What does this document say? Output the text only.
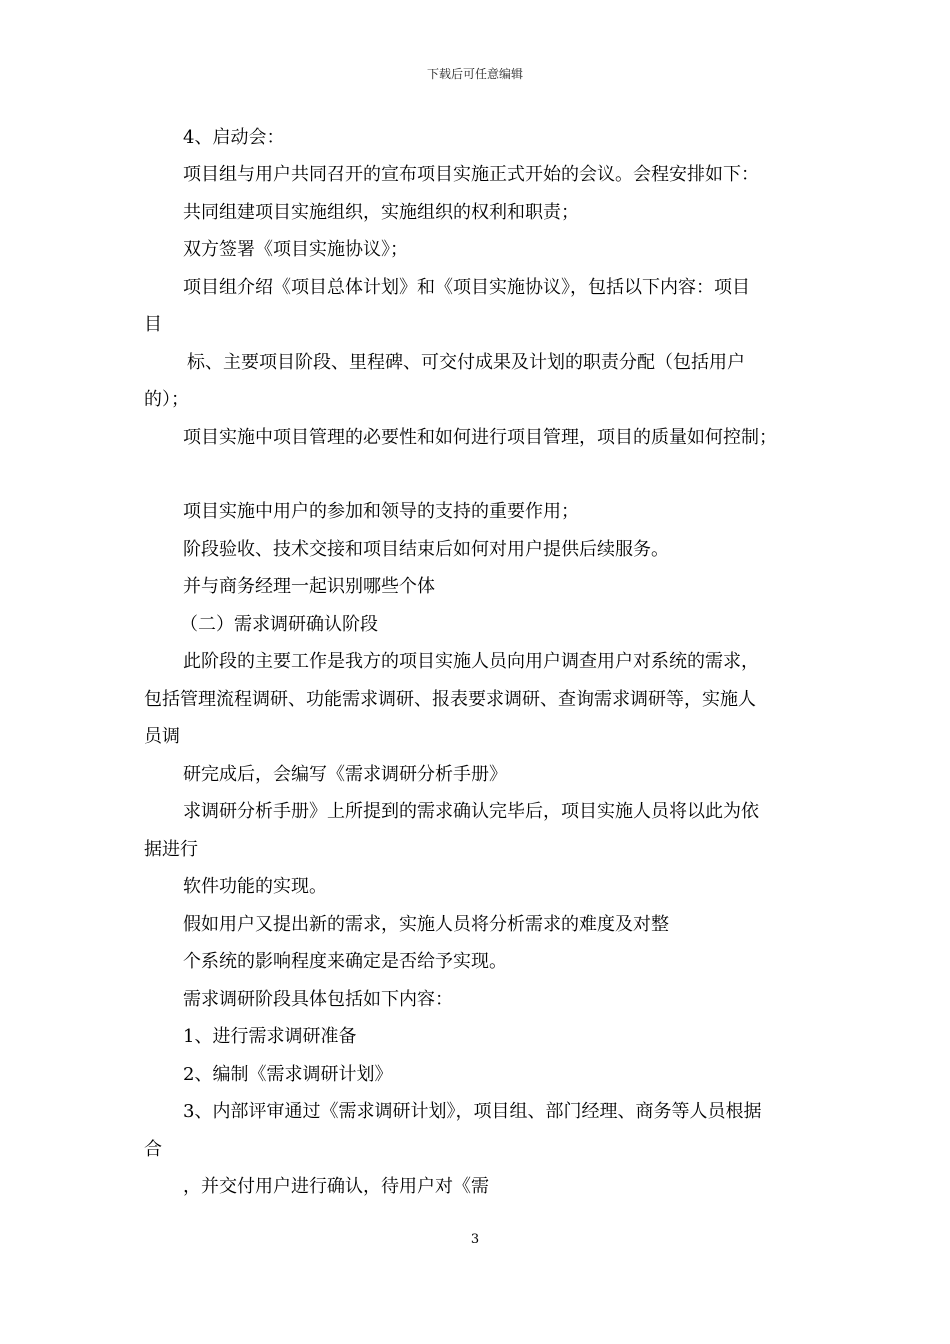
下载后可任意编辑
4、启动会：
项目组与用户共同召开的宣布项目实施正式开始的会议。会程安排如下：
共同组建项目实施组织，实施组织的权利和职责；
双方签署《项目实施协议》；
项目组介绍《项目总体计划》和《项目实施协议》，包括以下内容：项目
目
标、主要项目阶段、里程碑、可交付成果及计划的职责分配（包括用户
的）；
项目实施中项目管理的必要性和如何进行项目管理，项目的质量如何控制；
项目实施中用户的参加和领导的支持的重要作用；
阶段验收、技术交接和项目结束后如何对用户提供后续服务。
并与商务经理一起识别哪些个体
（二）需求调研确认阶段
此阶段的主要工作是我方的项目实施人员向用户调查用户对系统的需求，
包括管理流程调研、功能需求调研、报表要求调研、查询需求调研等，实施人
员调
研完成后，会编写《需求调研分析手册》
求调研分析手册》上所提到的需求确认完毕后，项目实施人员将以此为依
据进行
软件功能的实现。
假如用户又提出新的需求，实施人员将分析需求的难度及对整
个系统的影响程度来确定是否给予实现。
需求调研阶段具体包括如下内容：
1、进行需求调研准备
2、编制《需求调研计划》
3、内部评审通过《需求调研计划》，项目组、部门经理、商务等人员根据
合
，并交付用户进行确认，待用户对《需
3
